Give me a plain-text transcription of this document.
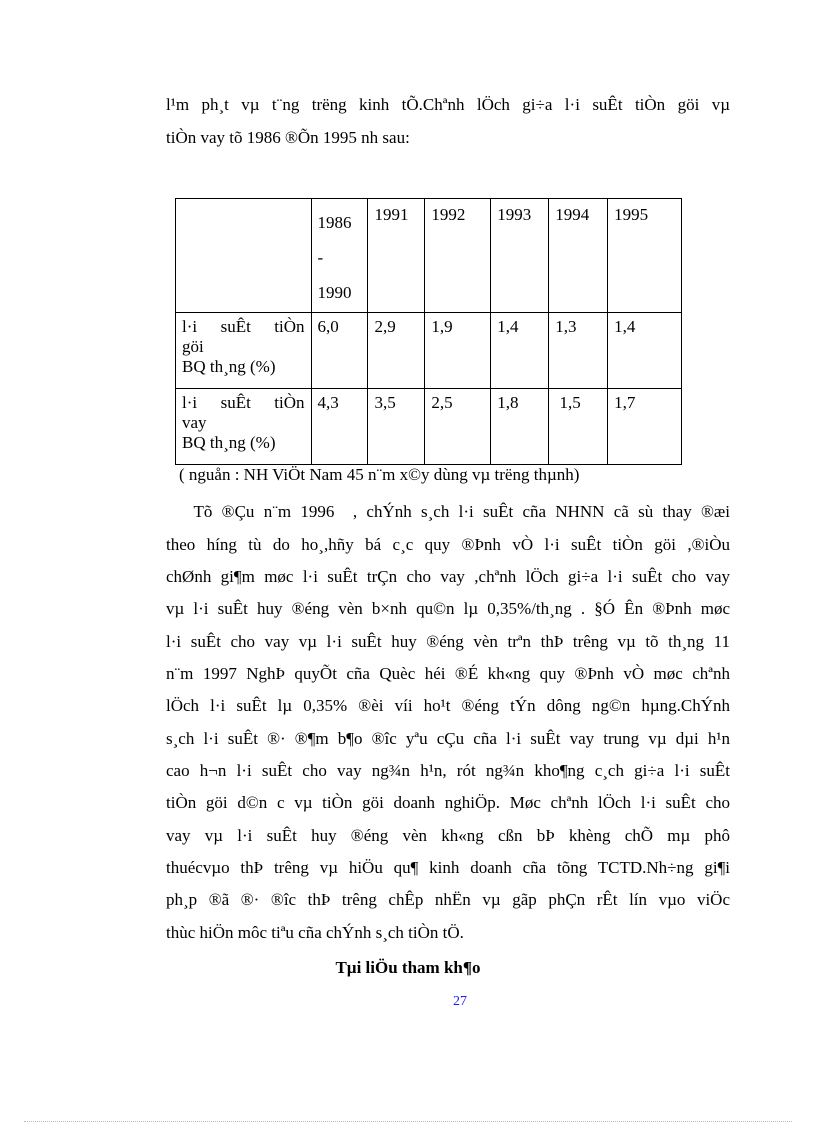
l¹m ph¸t vµ t¨ng trëng kinh tÕ.Chªnh lÖch gi÷a l·i suÊt tiÒn göi vµ
tiÒn vay tõ 1986 ®Õn 1995 nh sau:

	1986
-
1990	1991	1992	1993	1994	1995

l·i suÊt tiÒn
göi
BQ th¸ng (%)	6,0	2,9	1,9	1,4	1,3	1,4

l·i suÊt tiÒn
vay
BQ th¸ng (%)	4,3	3,5	2,5	1,8	1,5	1,7
( nguån : NH ViÖt Nam 45 n¨m x©y dùng vµ trëng thµnh)
Tõ ®Çu n¨m 1996  , chÝnh s¸ch l·i suÊt cña NHNN cã sù thay ®æi
theo híng tù do ho¸,hñy bá c¸c quy ®Þnh vÒ l·i suÊt tiÒn göi ,®iÒu
chØnh gi¶m møc l·i suÊt trÇn cho vay ,chªnh lÖch gi÷a l·i suÊt cho vay
vµ l·i suÊt huy ®éng vèn b×nh qu©n lµ 0,35%/th¸ng . §Ó Ên ®Þnh møc
l·i suÊt cho vay vµ l·i suÊt huy ®éng vèn trªn thÞ trêng vµ tõ th¸ng 11
n¨m 1997 NghÞ quyÕt cña Quèc héi ®É kh«ng quy ®Þnh vÒ møc chªnh
lÖch l·i suÊt lµ 0,35% ®èi víi ho¹t ®éng tÝn dông ng©n hµng.ChÝnh
s¸ch l·i suÊt ®· ®¶m b¶o ®îc yªu cÇu cña l·i suÊt vay trung vµ dµi h¹n
cao h¬n l·i suÊt cho vay ng¾n h¹n, rót ng¾n kho¶ng c¸ch gi÷a l·i suÊt
tiÒn göi d©n c vµ tiÒn göi doanh nghiÖp. Møc chªnh lÖch l·i suÊt cho
vay vµ l·i suÊt huy ®éng vèn kh«ng cßn bÞ khèng chÕ mµ phô
thuécvµo thÞ trêng vµ hiÖu qu¶ kinh doanh cña tõng TCTD.Nh÷ng gi¶i
ph¸p ®ã ®· ®îc thÞ trêng chÊp nhËn vµ gãp phÇn rÊt lín vµo viÖc
thùc hiÖn môc tiªu cña chÝnh s¸ch tiÒn tÖ.
Tµi liÖu tham kh¶o
27
